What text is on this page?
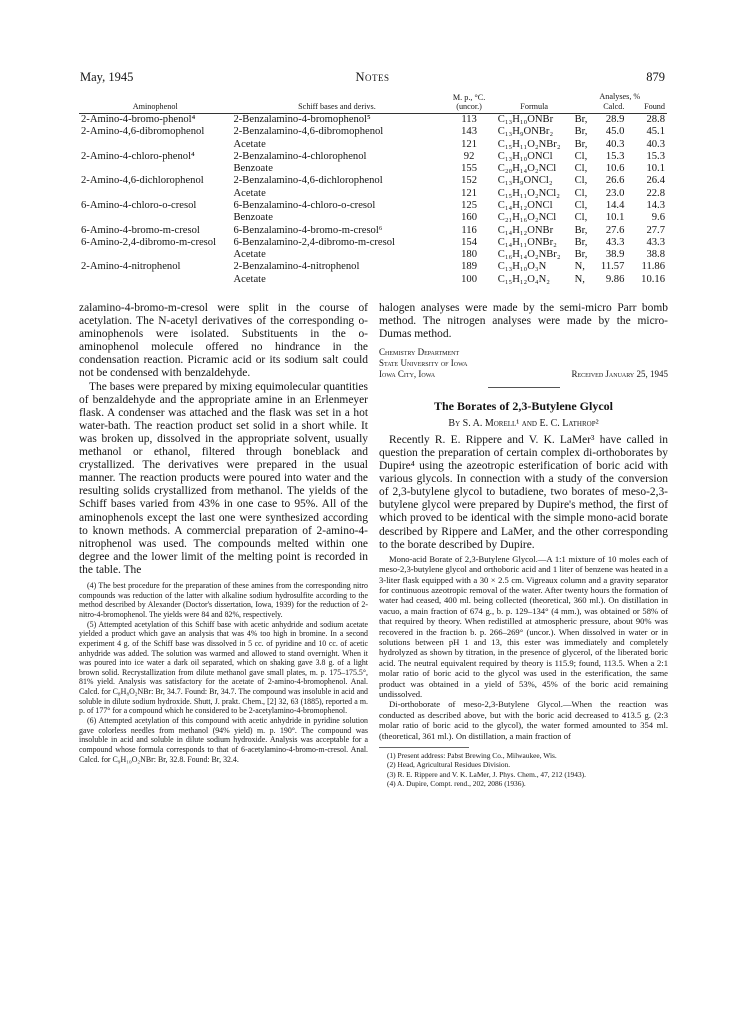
May, 1945	Notes	879
Aminophenol	Schiff bases and derivs.	M. p., °C. (uncor.)	Formula	Analyses, %		
				Calcd.		Found
2-Amino-4-bromo-phenol⁴	2-Benzalamino-4-bromophenol⁵	113	C₁₃H₁₀ONBr	Br,	28.9	28.8
2-Amino-4,6-dibromophenol	2-Benzalamino-4,6-dibromophenol	143	C₁₃H₉ONBr₂	Br,	45.0	45.1
	Acetate	121	C₁₅H₁₁O₂NBr₂	Br,	40.3	40.3
2-Amino-4-chloro-phenol⁴	2-Benzalamino-4-chlorophenol	92	C₁₃H₁₀ONCl	Cl,	15.3	15.3
	Benzoate	155	C₂₀H₁₄O₂NCl	Cl,	10.6	10.1
2-Amino-4,6-dichlorophenol	2-Benzalamino-4,6-dichlorophenol	152	C₁₃H₉ONCl₂	Cl,	26.6	26.4
	Acetate	121	C₁₅H₁₁O₂NCl₂	Cl,	23.0	22.8
6-Amino-4-chloro-o-cresol	6-Benzalamino-4-chloro-o-cresol	125	C₁₄H₁₂ONCl	Cl,	14.4	14.3
	Benzoate	160	C₂₁H₁₆O₂NCl	Cl,	10.1	9.6
6-Amino-4-bromo-m-cresol	6-Benzalamino-4-bromo-m-cresol⁶	116	C₁₄H₁₂ONBr	Br,	27.6	27.7
6-Amino-2,4-dibromo-m-cresol	6-Benzalamino-2,4-dibromo-m-cresol	154	C₁₄H₁₁ONBr₂	Br,	43.3	43.3
	Acetate	180	C₁₆H₁₄O₂NBr₂	Br,	38.9	38.8
2-Amino-4-nitrophenol	2-Benzalamino-4-nitrophenol	189	C₁₃H₁₀O₃N	N,	11.57	11.86
	Acetate	100	C₁₅H₁₂O₄N₂	N,	9.86	10.16

zalamino-4-bromo-m-cresol were split in the course of acetylation. The N-acetyl derivatives of the corresponding o-aminophenols were isolated. Substituents in the o-aminophenol molecule offered no hindrance in the condensation reaction. Picramic acid or its sodium salt could not be condensed with benzaldehyde.

The bases were prepared by mixing equimolecular quantities of benzaldehyde and the appropriate amine in an Erlenmeyer flask. A condenser was attached and the flask was set in a hot water-bath. The reaction product set solid in a short while. It was broken up, dissolved in the appropriate solvent, usually methanol or ethanol, filtered through boneblack and crystallized. The derivatives were prepared in the usual manner. The reaction products were poured into water and the resulting solids crystallized from methanol. The yields of the Schiff bases varied from 43% in one case to 95%. All of the aminophenols except the last one were synthesized according to known methods. A commercial preparation of 2-amino-4-nitrophenol was used. The compounds melted within one degree and the lower limit of the melting point is recorded in the table. The

(4) The best procedure for the preparation of these amines from the corresponding nitro compounds was reduction of the latter with alkaline sodium hydrosulfite according to the method described by Alexander (Doctor's dissertation, Iowa, 1939) for the reduction of 2-nitro-4-bromophenol. The yields were 84 and 82%, respectively.

(5) Attempted acetylation of this Schiff base with acetic anhydride and sodium acetate yielded a product which gave an analysis that was 4% too high in bromine. In a second experiment 4 g. of the Schiff base was dissolved in 5 cc. of pyridine and 10 cc. of acetic anhydride was added. The solution was warmed and allowed to stand overnight. When it was poured into ice water a dark oil separated, which on shaking gave 3.8 g. of a light brown solid. Recrystallization from dilute methanol gave small plates, m. p. 175–175.5°, 81% yield. Analysis was satisfactory for the acetate of 2-amino-4-bromophenol. Anal. Calcd. for C₈H₈O₂NBr: Br, 34.7. Found: Br, 34.7. The compound was insoluble in acid and soluble in dilute sodium hydroxide. Shutt, J. prakt. Chem., [2] 32, 63 (1885), reported a m. p. of 177° for a compound which he considered to be 2-acetylamino-4-bromophenol.

(6) Attempted acetylation of this compound with acetic anhydride in pyridine solution gave colorless needles from methanol (94% yield) m. p. 190°. The compound was insoluble in acid and soluble in dilute sodium hydroxide. Analysis was acceptable for a compound whose formula corresponds to that of 6-acetylamino-4-bromo-m-cresol. Anal. Calcd. for C₉H₁₀O₂NBr: Br, 32.8. Found: Br, 32.4.

halogen analyses were made by the semi-micro Parr bomb method. The nitrogen analyses were made by the micro-Dumas method.

Chemistry Department
State University of Iowa
Iowa City, Iowa	Received January 25, 1945
The Borates of 2,3-Butylene Glycol
By S. A. Morell¹ and E. C. Lathrop²

Recently R. E. Rippere and V. K. LaMer³ have called in question the preparation of certain complex di-orthoborates by Dupire⁴ using the azeotropic esterification of boric acid with various glycols. In connection with a study of the conversion of 2,3-butylene glycol to butadiene, two borates of meso-2,3-butylene glycol were prepared by Dupire's method, the first of which proved to be identical with the simple mono-acid borate described by Rippere and LaMer, and the other corresponding to the borate described by Dupire.

Mono-acid Borate of 2,3-Butylene Glycol.—A 1:1 mixture of 10 moles each of meso-2,3-butylene glycol and orthoboric acid and 1 liter of benzene was heated in a 3-liter flask equipped with a 30 × 2.5 cm. Vigreaux column and a gravity separator for continuous azeotropic removal of the water. After twenty hours the formation of water had ceased, 400 ml. being collected (theoretical, 360 ml.). On distillation in vacuo, a main fraction of 674 g., b. p. 129–134° (4 mm.), was obtained or 58% of that required by theory. When redistilled at atmospheric pressure, about 90% was recovered in the fraction b. p. 266–269° (uncor.). When dissolved in water or in solutions between pH 1 and 13, this ester was immediately and completely hydrolyzed as shown by titration, in the presence of glycerol, of the liberated boric acid. The neutral equivalent required by theory is 115.9; found, 113.5. When a 2:1 molar ratio of boric acid to the glycol was used in the esterification, the same product was obtained in a yield of 53%, 45% of the boric acid remaining undissolved.

Di-orthoborate of meso-2,3-Butylene Glycol.—When the reaction was conducted as described above, but with the boric acid decreased to 413.5 g. (2:3 molar ratio of boric acid to the glycol), the water formed amounted to 354 ml. (theoretical, 361 ml.). On distillation, a main fraction of

(1) Present address: Pabst Brewing Co., Milwaukee, Wis.

(2) Head, Agricultural Residues Division.

(3) R. E. Rippere and V. K. LaMer, J. Phys. Chem., 47, 212 (1943).

(4) A. Dupire, Compt. rend., 202, 2086 (1936).
